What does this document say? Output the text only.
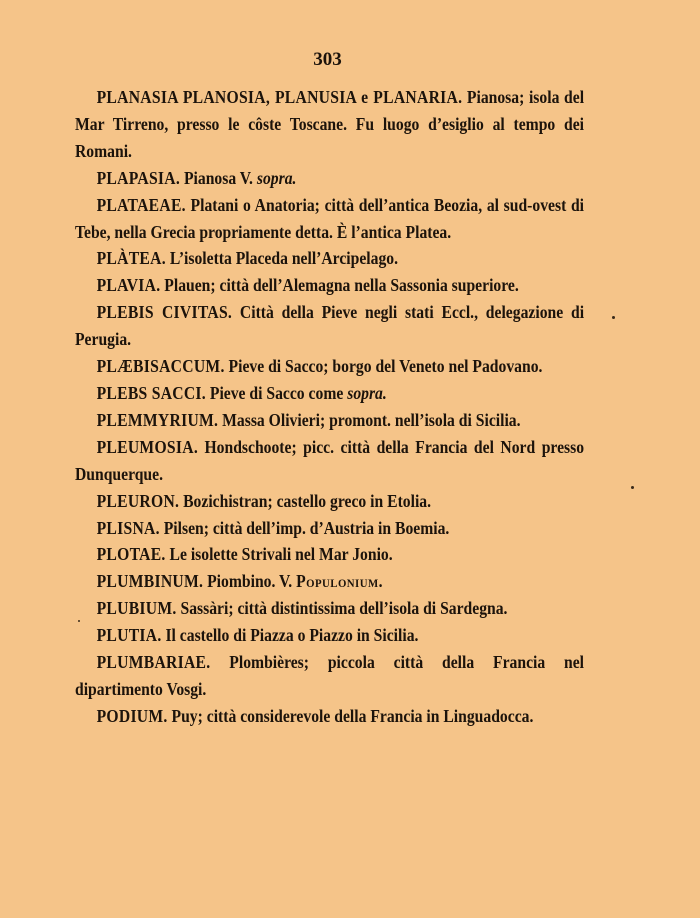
303

PLANASIA PLANOSIA, PLANUSIA e PLANARIA. Pianosa; isola del Mar Tirreno, presso le côste Toscane. Fu luogo d’esiglio al tempo dei Romani.

PLAPASIA. Pianosa V. sopra.

PLATAEAE. Platani o Anatoria; città dell’antica Beozia, al sud-ovest di Tebe, nella Grecia propriamente detta. È l’antica Platea.

PLÀTEA. L’isoletta Placeda nell’Arcipelago.

PLAVIA. Plauen; città dell’Alemagna nella Sassonia superiore.

PLEBIS CIVITAS. Città della Pieve negli stati Eccl., delegazione di Perugia.

PLÆBISACCUM. Pieve di Sacco; borgo del Veneto nel Padovano.

PLEBS SACCI. Pieve di Sacco come sopra.

PLEMMYRIUM. Massa Olivieri; promont. nell’isola di Sicilia.

PLEUMOSIA. Hondschoote; picc. città della Francia del Nord presso Dunquerque.

PLEURON. Bozichistran; castello greco in Etolia.

PLISNA. Pilsen; città dell’imp. d’Austria in Boemia.

PLOTAE. Le isolette Strivali nel Mar Jonio.

PLUMBINUM. Piombino. V. Populonium.

PLUBIUM. Sassàri; città distintissima dell’isola di Sardegna.

PLUTIA. Il castello di Piazza o Piazzo in Sicilia.

PLUMBARIAE. Plombières; piccola città della Francia nel dipartimento Vosgi.

PODIUM. Puy; città considerevole della Francia in Linguadocca.
